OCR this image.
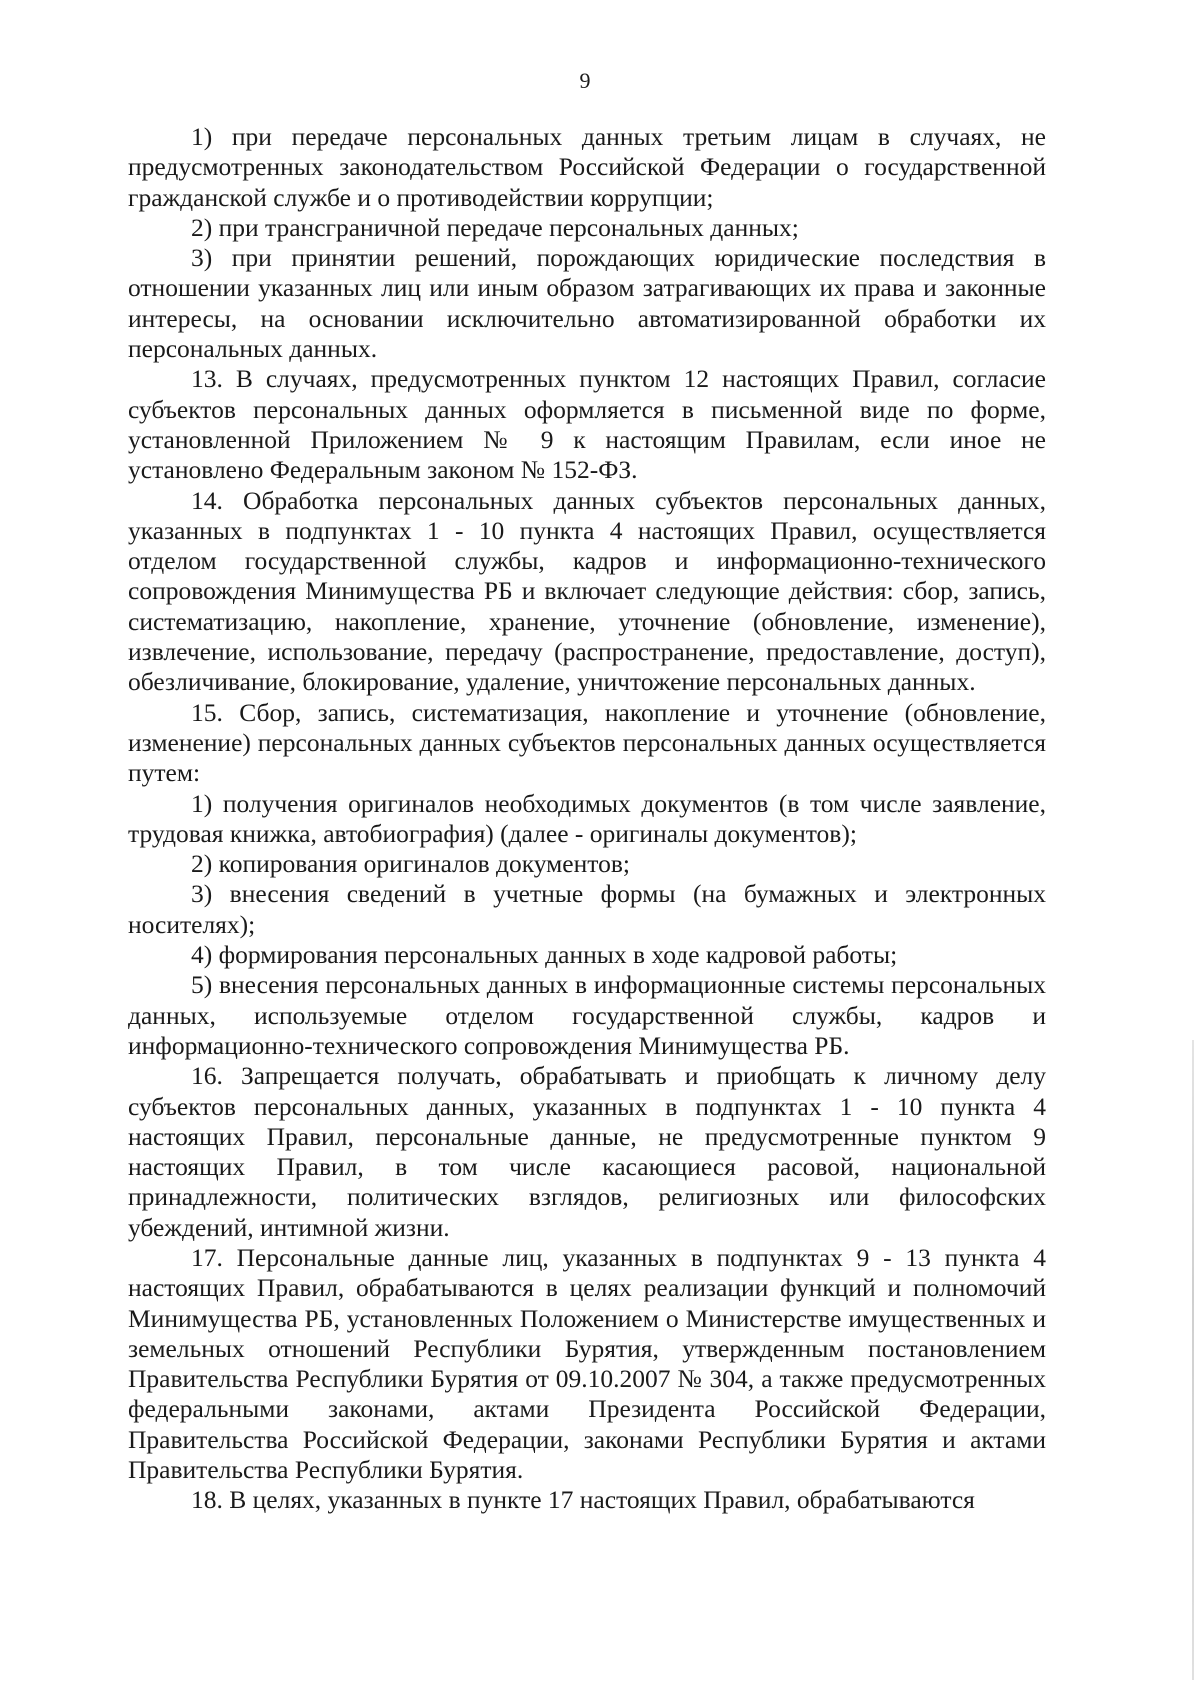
9

1) при передаче персональных данных третьим лицам в случаях, не предусмотренных законодательством Российской Федерации о государственной гражданской службе и о противодействии коррупции;

2) при трансграничной передаче персональных данных;

3) при принятии решений, порождающих юридические последствия в отношении указанных лиц или иным образом затрагивающих их права и законные интересы, на основании исключительно автоматизированной обработки их персональных данных.

13. В случаях, предусмотренных пунктом 12 настоящих Правил, согласие субъектов персональных данных оформляется в письменной виде по форме, установленной Приложением № 9 к настоящим Правилам, если иное не установлено Федеральным законом № 152-ФЗ.

14. Обработка персональных данных субъектов персональных данных, указанных в подпунктах 1 - 10 пункта 4 настоящих Правил, осуществляется отделом государственной службы, кадров и информационно-технического сопровождения Минимущества РБ и включает следующие действия: сбор, запись, систематизацию, накопление, хранение, уточнение (обновление, изменение), извлечение, использование, передачу (распространение, предоставление, доступ), обезличивание, блокирование, удаление, уничтожение персональных данных.

15. Сбор, запись, систематизация, накопление и уточнение (обновление, изменение) персональных данных субъектов персональных данных осуществляется путем:

1) получения оригиналов необходимых документов (в том числе заявление, трудовая книжка, автобиография) (далее - оригиналы документов);

2) копирования оригиналов документов;

3) внесения сведений в учетные формы (на бумажных и электронных носителях);

4) формирования персональных данных в ходе кадровой работы;

5) внесения персональных данных в информационные системы персональных данных, используемые отделом государственной службы, кадров и информационно-технического сопровождения Минимущества РБ.

16. Запрещается получать, обрабатывать и приобщать к личному делу субъектов персональных данных, указанных в подпунктах 1 - 10 пункта 4 настоящих Правил, персональные данные, не предусмотренные пунктом 9 настоящих Правил, в том числе касающиеся расовой, национальной принадлежности, политических взглядов, религиозных или философских убеждений, интимной жизни.

17. Персональные данные лиц, указанных в подпунктах 9 - 13 пункта 4 настоящих Правил, обрабатываются в целях реализации функций и полномочий Минимущества РБ, установленных Положением о Министерстве имущественных и земельных отношений Республики Бурятия, утвержденным постановлением Правительства Республики Бурятия от 09.10.2007 № 304, а также предусмотренных федеральными законами, актами Президента Российской Федерации, Правительства Российской Федерации, законами Республики Бурятия и актами Правительства Республики Бурятия.

18. В целях, указанных в пункте 17 настоящих Правил, обрабатываются
